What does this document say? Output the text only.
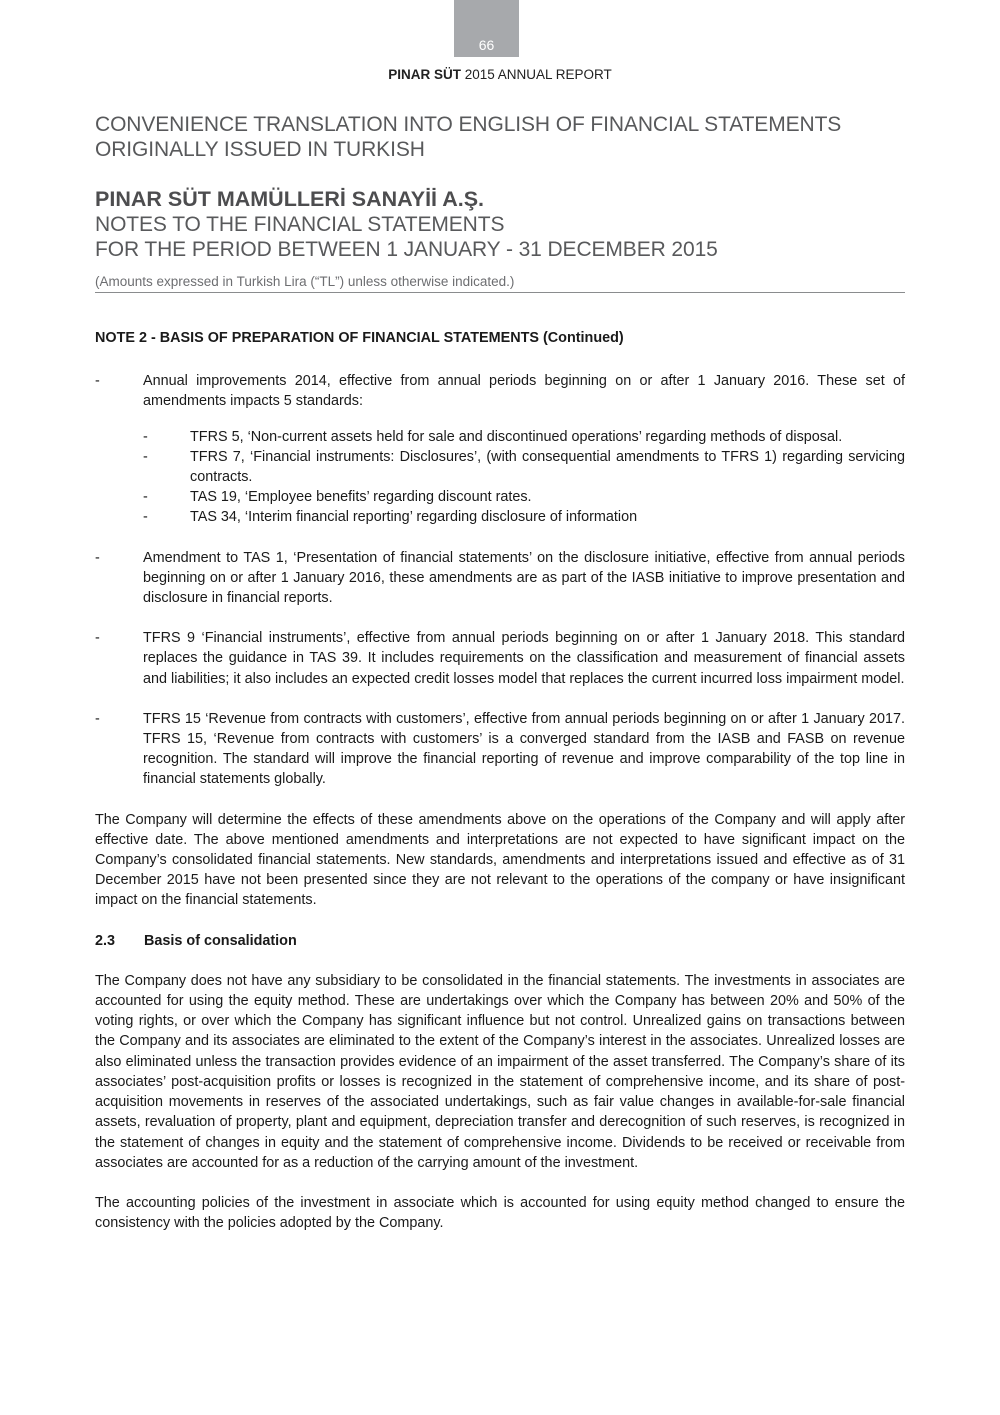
66
PINAR SÜT 2015 ANNUAL REPORT
CONVENIENCE TRANSLATION INTO ENGLISH OF FINANCIAL STATEMENTS
ORIGINALLY ISSUED IN TURKISH
PINAR SÜT MAMÜLLERİ SANAYİİ A.Ş.
NOTES TO THE FINANCIAL STATEMENTS
FOR THE PERIOD BETWEEN 1 JANUARY - 31 DECEMBER 2015
(Amounts expressed in Turkish Lira (“TL”) unless otherwise indicated.)
NOTE 2 - BASIS OF PREPARATION OF FINANCIAL STATEMENTS (Continued)
-	Annual improvements 2014, effective from annual periods beginning on or after 1 January 2016. These set of amendments impacts 5 standards:
-	TFRS 5, ‘Non-current assets held for sale and discontinued operations’ regarding methods of disposal.
-	TFRS 7, ‘Financial instruments: Disclosures’, (with consequential amendments to TFRS 1) regarding servicing contracts.
-	TAS 19, ‘Employee benefits’ regarding discount rates.
-	TAS 34, ‘Interim financial reporting’ regarding disclosure of information
-	Amendment to TAS 1, ‘Presentation of financial statements’ on the disclosure initiative, effective from annual periods beginning on or after 1 January 2016, these amendments are as part of the IASB initiative to improve presentation and disclosure in financial reports.
-	TFRS 9 ‘Financial instruments’, effective from annual periods beginning on or after 1 January 2018. This standard replaces the guidance in TAS 39. It includes requirements on the classification and measurement of financial assets and liabilities; it also includes an expected credit losses model that replaces the current incurred loss impairment model.
-	TFRS 15 ‘Revenue from contracts with customers’, effective from annual periods beginning on or after 1 January 2017. TFRS 15, ‘Revenue from contracts with customers’ is a converged standard from the IASB and FASB on revenue recognition. The standard will improve the financial reporting of revenue and improve comparability of the top line in financial statements globally.
The Company will determine the effects of these amendments above on the operations of the Company and will apply after effective date. The above mentioned amendments and interpretations are not expected to have significant impact on the Company’s consolidated financial statements. New standards, amendments and interpretations issued and effective as of 31 December 2015 have not been presented since they are not relevant to the operations of the company or have insignificant impact on the financial statements.
2.3	Basis of consalidation
The Company does not have any subsidiary to be consolidated in the financial statements. The investments in associates are accounted for using the equity method. These are undertakings over which the Company has between 20% and 50% of the voting rights, or over which the Company has significant influence but not control. Unrealized gains on transactions between the Company and its associates are eliminated to the extent of the Company’s interest in the associates. Unrealized losses are also eliminated unless the transaction provides evidence of an impairment of the asset transferred. The Company’s share of its associates’ post-acquisition profits or losses is recognized in the statement of comprehensive income, and its share of post-acquisition movements in reserves of the associated undertakings, such as fair value changes in available-for-sale financial assets, revaluation of property, plant and equipment, depreciation transfer and derecognition of such reserves, is recognized in the statement of changes in equity and the statement of comprehensive income. Dividends to be received or receivable from associates are accounted for as a reduction of the carrying amount of the investment.
The accounting policies of the investment in associate which is accounted for using equity method changed to ensure the consistency with the policies adopted by the Company.
